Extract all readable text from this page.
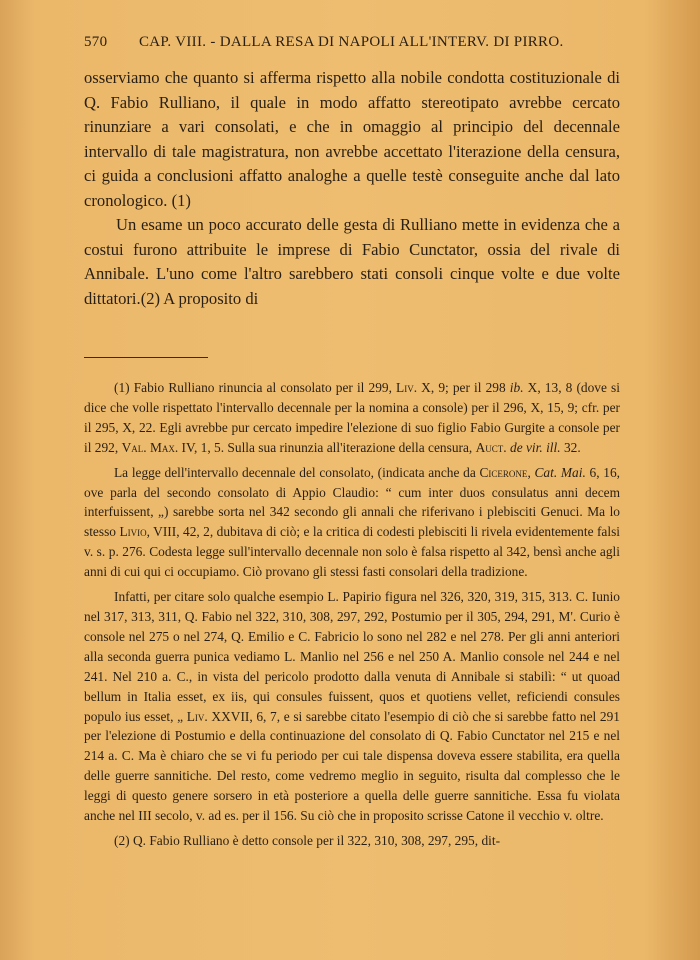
570 CAP. VIII. - DALLA RESA DI NAPOLI ALL'INTERV. DI PIRRO.

osserviamo che quanto si afferma rispetto alla nobile condotta costituzionale di Q. Fabio Rulliano, il quale in modo affatto stereotipato avrebbe cercato rinunziare a vari consolati, e che in omaggio al principio del decennale intervallo di tale magistratura, non avrebbe accettato l'iterazione della censura, ci guida a conclusioni affatto analoghe a quelle testè conseguite anche dal lato cronologico. (1)

Un esame un poco accurato delle gesta di Rulliano mette in evidenza che a costui furono attribuite le imprese di Fabio Cunctator, ossia del rivale di Annibale. L'uno come l'altro sarebbero stati consoli cinque volte e due volte dittatori.(2) A proposito di

(1) Fabio Rulliano rinuncia al consolato per il 299, Liv. X, 9; per il 298 ib. X, 13, 8 (dove si dice che volle rispettato l'intervallo decennale per la nomina a console) per il 296, X, 15, 9; cfr. per il 295, X, 22. Egli avrebbe pur cercato impedire l'elezione di suo figlio Fabio Gurgite a console per il 292, Val. Max. IV, 1, 5. Sulla sua rinunzia all'iterazione della censura, Auct. de vir. ill. 32.

La legge dell'intervallo decennale del consolato, (indicata anche da Cicerone, Cat. Mai. 6, 16, ove parla del secondo consolato di Appio Claudio: “ cum inter duos consulatus anni decem interfuissent, „) sarebbe sorta nel 342 secondo gli annali che riferivano i plebisciti Genuci. Ma lo stesso Livio, VIII, 42, 2, dubitava di ciò; e la critica di codesti plebisciti li rivela evidentemente falsi v. s. p. 276. Codesta legge sull'intervallo decennale non solo è falsa rispetto al 342, bensì anche agli anni di cui qui ci occupiamo. Ciò provano gli stessi fasti consolari della tradizione.

Infatti, per citare solo qualche esempio L. Papirio figura nel 326, 320, 319, 315, 313. C. Iunio nel 317, 313, 311, Q. Fabio nel 322, 310, 308, 297, 292, Postumio per il 305, 294, 291, M'. Curio è console nel 275 o nel 274, Q. Emilio e C. Fabricio lo sono nel 282 e nel 278. Per gli anni anteriori alla seconda guerra punica vediamo L. Manlio nel 256 e nel 250 A. Manlio console nel 244 e nel 241. Nel 210 a. C., in vista del pericolo prodotto dalla venuta di Annibale si stabilì: “ ut quoad bellum in Italia esset, ex iis, qui consules fuissent, quos et quotiens vellet, reficiendi consules populo ius esset, „ Liv. XXVII, 6, 7, e si sarebbe citato l'esempio di ciò che si sarebbe fatto nel 291 per l'elezione di Postumio e della continuazione del consolato di Q. Fabio Cunctator nel 215 e nel 214 a. C. Ma è chiaro che se vi fu periodo per cui tale dispensa doveva essere stabilita, era quella delle guerre sannitiche. Del resto, come vedremo meglio in seguito, risulta dal complesso che le leggi di questo genere sorsero in età posteriore a quella delle guerre sannitiche. Essa fu violata anche nel III secolo, v. ad es. per il 156. Su ciò che in proposito scrisse Catone il vecchio v. oltre.

(2) Q. Fabio Rulliano è detto console per il 322, 310, 308, 297, 295, dit-
